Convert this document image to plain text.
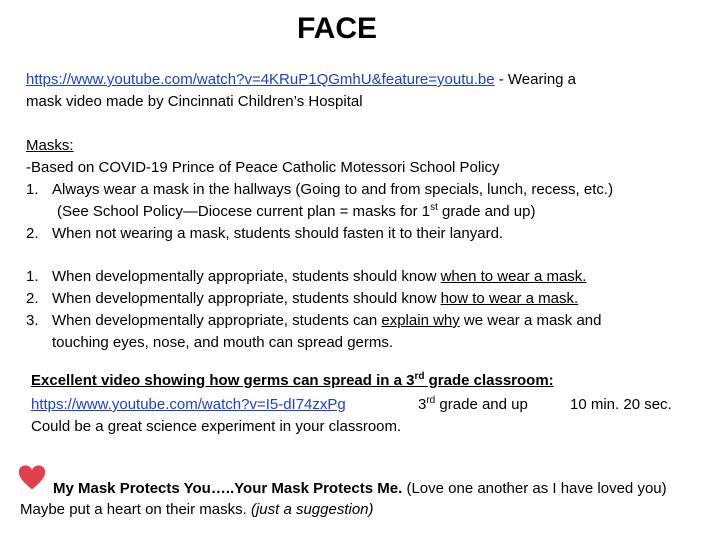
FACE
https://www.youtube.com/watch?v=4KRuP1QGmhU&feature=youtu.be - Wearing a
mask video made by Cincinnati Children’s Hospital
Masks:
-Based on COVID-19 Prince of Peace Catholic Motessori School Policy
1. Always wear a mask in the hallways (Going to and from specials, lunch, recess, etc.)
(See School Policy—Diocese current plan = masks for 1st grade and up)
2. When not wearing a mask, students should fasten it to their lanyard.
1. When developmentally appropriate, students should know when to wear a mask.
2. When developmentally appropriate, students should know how to wear a mask.
3. When developmentally appropriate, students can explain why we wear a mask and
touching eyes, nose, and mouth can spread germs.
Excellent video showing how germs can spread in a 3rd grade classroom:
https://www.youtube.com/watch?v=I5-dI74zxPg	3rd grade and up	10 min. 20 sec.
Could be a great science experiment in your classroom.
My Mask Protects You…..Your Mask Protects Me. (Love one another as I have loved you)
Maybe put a heart on their masks. (just a suggestion)
